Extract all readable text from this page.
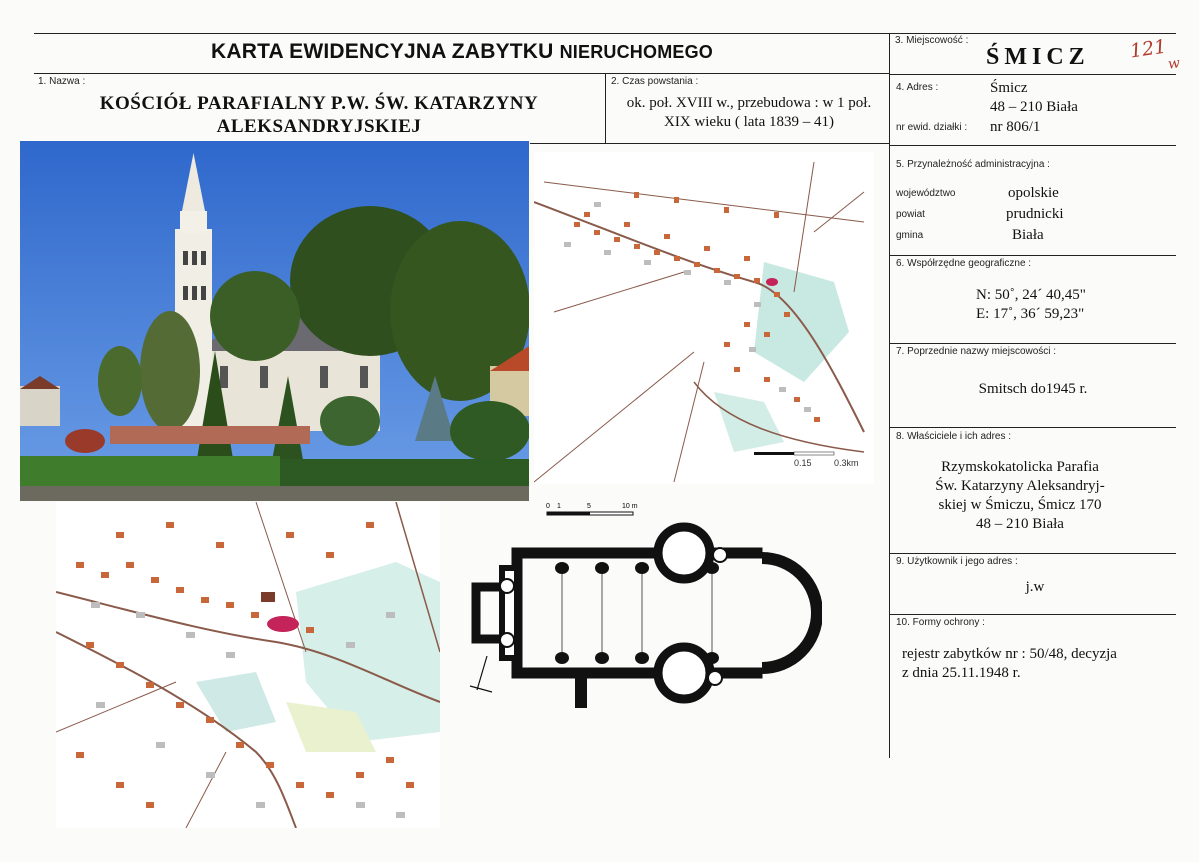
KARTA EWIDENCYJNA ZABYTKU NIERUCHOMEGO
1. Nazwa :
KOŚCIÓŁ PARAFIALNY P.W. ŚW. KATARZYNY
ALEKSANDRYJSKIEJ
2. Czas powstania :
ok. poł. XVIII w., przebudowa : w 1 poł.
XIX wieku ( lata 1839 – 41)
3. Miejscowość :
ŚMICZ 121
w
4. Adres :	Śmicz
48 – 210 Biała
nr ewid. działki : nr 806/1
5. Przynależność administracyjna :
województwo	opolskie
powiat	prudnicki
gmina	Biała
6. Współrzędne geograficzne :
N: 50˚, 24´ 40,45"
E: 17˚, 36´ 59,23"
7. Poprzednie nazwy miejscowości :
Smitsch do1945 r.
8. Właściciele i ich adres :
Rzymskokatolicka Parafia
Św. Katarzyny Aleksandryj-
skiej w Śmiczu, Śmicz 170
48 – 210 Biała
9. Użytkownik i jego adres :
j.w
10. Formy ochrony :
rejestr zabytków nr : 50/48, decyzja
z dnia 25.11.1948 r.
0.15 0.3km
0 1	5	10 m
